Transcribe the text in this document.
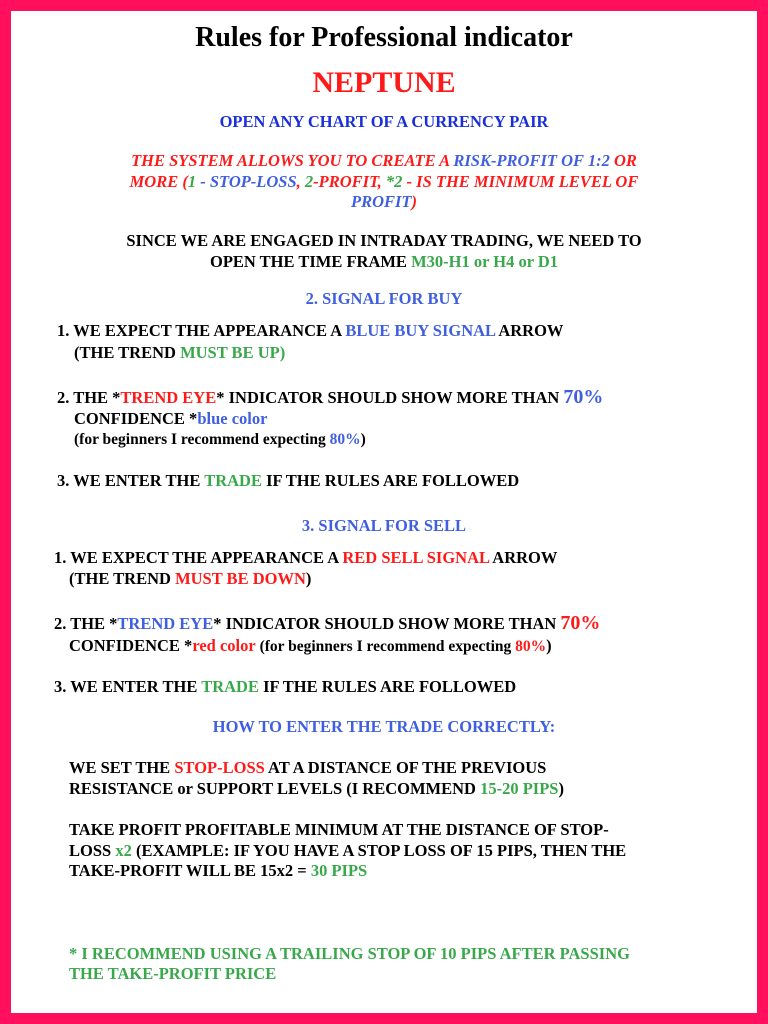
Rules for Professional indicator
NEPTUNE
OPEN ANY CHART OF A CURRENCY PAIR
THE SYSTEM ALLOWS YOU TO CREATE A RISK-PROFIT OF 1:2 OR
MORE (1 - STOP-LOSS, 2-PROFIT, *2 - IS THE MINIMUM LEVEL OF
PROFIT)
SINCE WE ARE ENGAGED IN INTRADAY TRADING, WE NEED TO
OPEN THE TIME FRAME M30-H1 or H4 or D1
2. SIGNAL FOR BUY
1. WE EXPECT THE APPEARANCE A BLUE BUY SIGNAL ARROW
(THE TREND MUST BE UP)
2. THE *TREND EYE* INDICATOR SHOULD SHOW MORE THAN 70%
CONFIDENCE *blue color
(for beginners I recommend expecting 80%)
3. WE ENTER THE TRADE IF THE RULES ARE FOLLOWED
3. SIGNAL FOR SELL
1. WE EXPECT THE APPEARANCE A RED SELL SIGNAL ARROW
(THE TREND MUST BE DOWN)
2. THE *TREND EYE* INDICATOR SHOULD SHOW MORE THAN 70%
CONFIDENCE *red color (for beginners I recommend expecting 80%)
3. WE ENTER THE TRADE IF THE RULES ARE FOLLOWED
HOW TO ENTER THE TRADE CORRECTLY:
WE SET THE STOP-LOSS AT A DISTANCE OF THE PREVIOUS
RESISTANCE or SUPPORT LEVELS (I RECOMMEND 15-20 PIPS)
TAKE PROFIT PROFITABLE MINIMUM AT THE DISTANCE OF STOP-
LOSS x2 (EXAMPLE: IF YOU HAVE A STOP LOSS OF 15 PIPS, THEN THE
TAKE-PROFIT WILL BE 15x2 = 30 PIPS
* I RECOMMEND USING A TRAILING STOP OF 10 PIPS AFTER PASSING
THE TAKE-PROFIT PRICE
